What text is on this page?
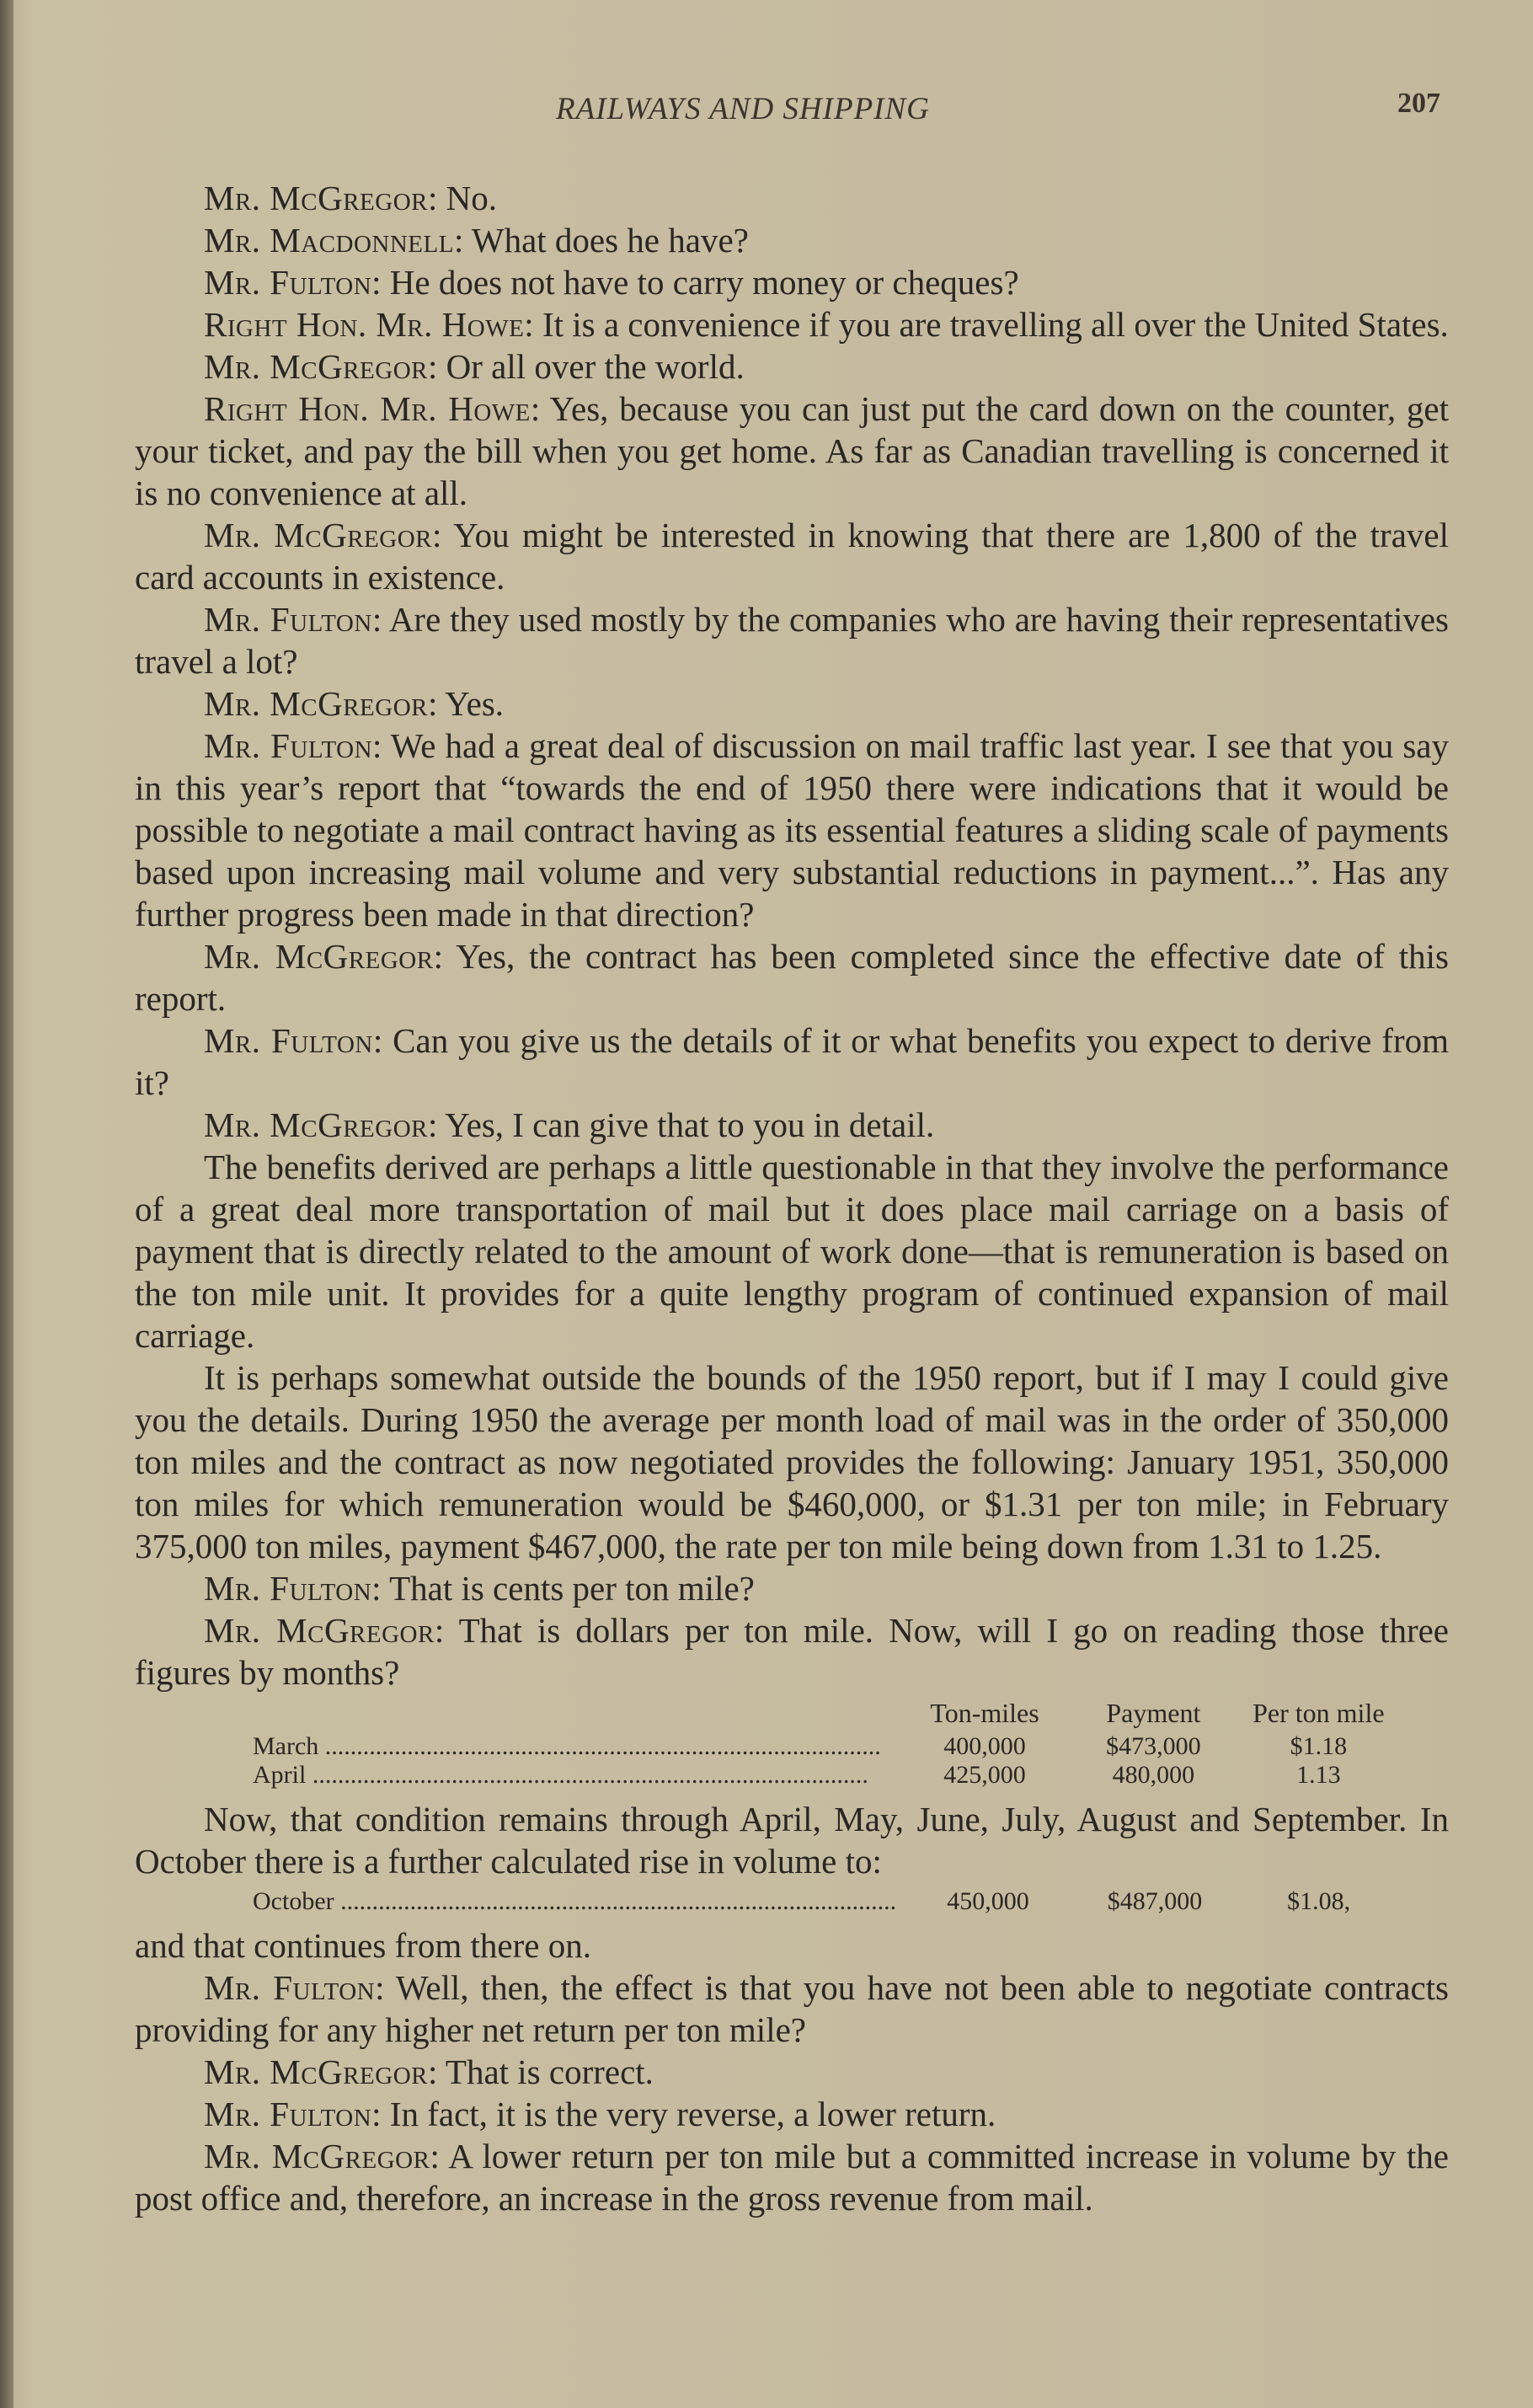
RAILWAYS AND SHIPPING	207

Mr. McGregor: No.

Mr. Macdonnell: What does he have?

Mr. Fulton: He does not have to carry money or cheques?

Right Hon. Mr. Howe: It is a convenience if you are travelling all over the United States.

Mr. McGregor: Or all over the world.

Right Hon. Mr. Howe: Yes, because you can just put the card down on the counter, get your ticket, and pay the bill when you get home. As far as Canadian travelling is concerned it is no convenience at all.

Mr. McGregor: You might be interested in knowing that there are 1,800 of the travel card accounts in existence.

Mr. Fulton: Are they used mostly by the companies who are having their representatives travel a lot?

Mr. McGregor: Yes.

Mr. Fulton: We had a great deal of discussion on mail traffic last year. I see that you say in this year’s report that “towards the end of 1950 there were indications that it would be possible to negotiate a mail contract having as its essential features a sliding scale of payments based upon increasing mail volume and very substantial reductions in payment...”. Has any further progress been made in that direction?

Mr. McGregor: Yes, the contract has been completed since the effective date of this report.

Mr. Fulton: Can you give us the details of it or what benefits you expect to derive from it?

Mr. McGregor: Yes, I can give that to you in detail.

The benefits derived are perhaps a little questionable in that they involve the performance of a great deal more transportation of mail but it does place mail carriage on a basis of payment that is directly related to the amount of work done—that is remuneration is based on the ton mile unit. It provides for a quite lengthy program of continued expansion of mail carriage.

It is perhaps somewhat outside the bounds of the 1950 report, but if I may I could give you the details. During 1950 the average per month load of mail was in the order of 350,000 ton miles and the contract as now negotiated provides the following: January 1951, 350,000 ton miles for which remuneration would be $460,000, or $1.31 per ton mile; in February 375,000 ton miles, payment $467,000, the rate per ton mile being down from 1.31 to 1.25.

Mr. Fulton: That is cents per ton mile?

Mr. McGregor: That is dollars per ton mile. Now, will I go on reading those three figures by months?

	Ton-miles	Payment	Per ton mile
March .....	400,000	$473,000	$1.18
April .....	425,000	480,000	1.13

Now, that condition remains through April, May, June, July, August and September. In October there is a further calculated rise in volume to:

October .....	450,000	$487,000	$1.08,

and that continues from there on.

Mr. Fulton: Well, then, the effect is that you have not been able to negotiate contracts providing for any higher net return per ton mile?

Mr. McGregor: That is correct.

Mr. Fulton: In fact, it is the very reverse, a lower return.

Mr. McGregor: A lower return per ton mile but a committed increase in volume by the post office and, therefore, an increase in the gross revenue from mail.
